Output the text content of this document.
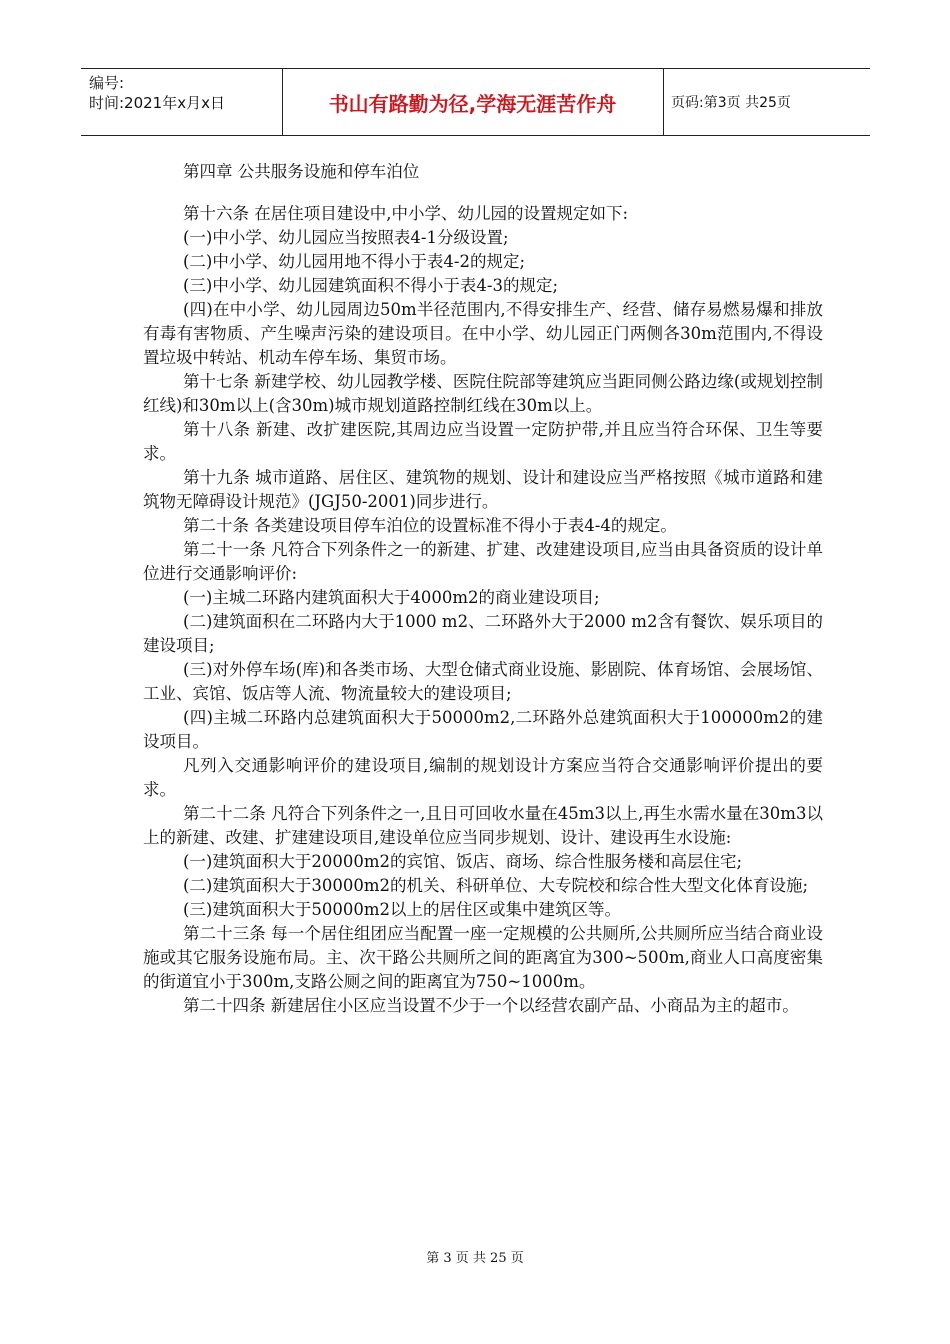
编号:
时间:2021年x月x日	书山有路勤为径,学海无涯苦作舟	页码:第3页 共25页
第四章 公共服务设施和停车泊位

第十六条 在居住项目建设中,中小学、幼儿园的设置规定如下:

(一)中小学、幼儿园应当按照表4-1分级设置;

(二)中小学、幼儿园用地不得小于表4-2的规定;

(三)中小学、幼儿园建筑面积不得小于表4-3的规定;

(四)在中小学、幼儿园周边50m半径范围内,不得安排生产、经营、储存易燃易爆和排放有毒有害物质、产生噪声污染的建设项目。在中小学、幼儿园正门两侧各30m范围内,不得设置垃圾中转站、机动车停车场、集贸市场。

第十七条 新建学校、幼儿园教学楼、医院住院部等建筑应当距同侧公路边缘(或规划控制红线)和30m以上(含30m)城市规划道路控制红线在30m以上。

第十八条 新建、改扩建医院,其周边应当设置一定防护带,并且应当符合环保、卫生等要求。

第十九条 城市道路、居住区、建筑物的规划、设计和建设应当严格按照《城市道路和建筑物无障碍设计规范》(JGJ50-2001)同步进行。

第二十条 各类建设项目停车泊位的设置标准不得小于表4-4的规定。

第二十一条 凡符合下列条件之一的新建、扩建、改建建设项目,应当由具备资质的设计单位进行交通影响评价:

(一)主城二环路内建筑面积大于4000m2的商业建设项目;

(二)建筑面积在二环路内大于1000 m2、二环路外大于2000 m2含有餐饮、娱乐项目的建设项目;

(三)对外停车场(库)和各类市场、大型仓储式商业设施、影剧院、体育场馆、会展场馆、工业、宾馆、饭店等人流、物流量较大的建设项目;

(四)主城二环路内总建筑面积大于50000m2,二环路外总建筑面积大于100000m2的建设项目。

凡列入交通影响评价的建设项目,编制的规划设计方案应当符合交通影响评价提出的要求。

第二十二条 凡符合下列条件之一,且日可回收水量在45m3以上,再生水需水量在30m3以上的新建、改建、扩建建设项目,建设单位应当同步规划、设计、建设再生水设施:

(一)建筑面积大于20000m2的宾馆、饭店、商场、综合性服务楼和高层住宅;

(二)建筑面积大于30000m2的机关、科研单位、大专院校和综合性大型文化体育设施;

(三)建筑面积大于50000m2以上的居住区或集中建筑区等。

第二十三条 每一个居住组团应当配置一座一定规模的公共厕所,公共厕所应当结合商业设施或其它服务设施布局。主、次干路公共厕所之间的距离宜为300~500m,商业人口高度密集的街道宜小于300m,支路公厕之间的距离宜为750~1000m。

第二十四条 新建居住小区应当设置不少于一个以经营农副产品、小商品为主的超市。

第 3 页 共 25 页
